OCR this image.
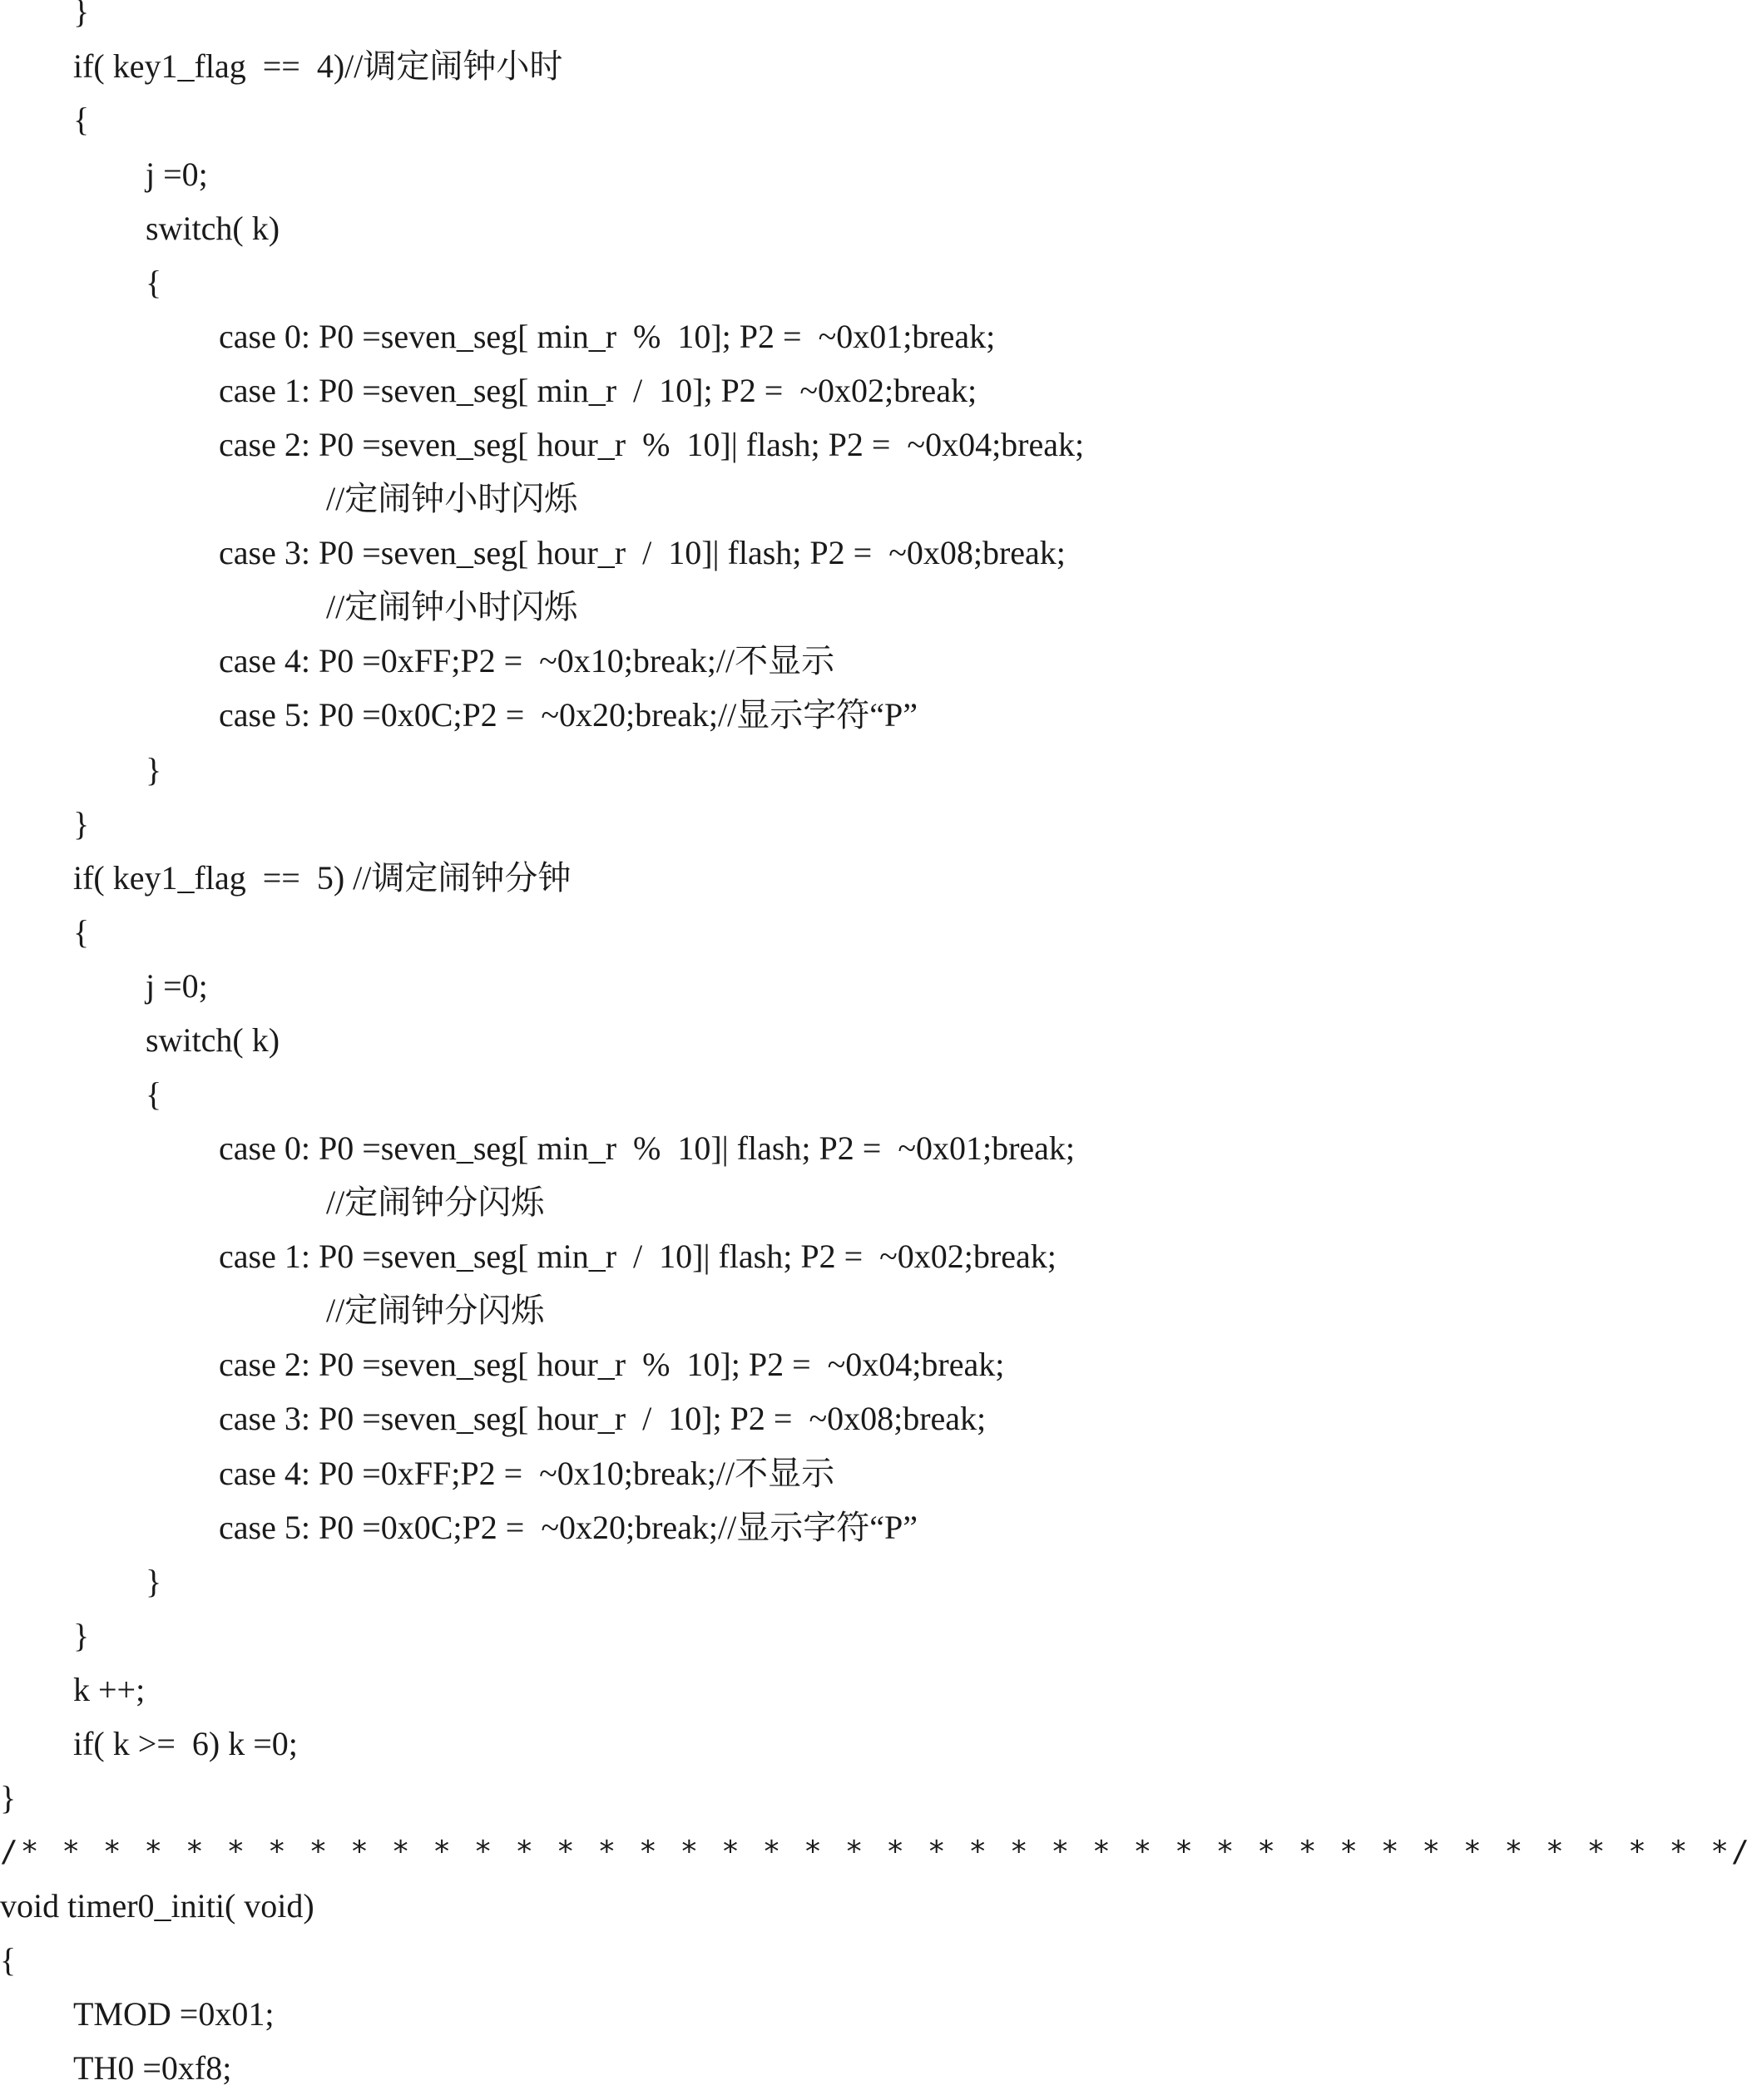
}
if( key1_flag  ==  4)//调定闹钟小时
{
j =0;
switch( k)
{
case 0: P0 =seven_seg[ min_r  %  10]; P2 =  ~0x01;break;
case 1: P0 =seven_seg[ min_r  /  10]; P2 =  ~0x02;break;
case 2: P0 =seven_seg[ hour_r  %  10]| flash; P2 =  ~0x04;break;
//定闹钟小时闪烁
case 3: P0 =seven_seg[ hour_r  /  10]| flash; P2 =  ~0x08;break;
//定闹钟小时闪烁
case 4: P0 =0xFF;P2 =  ~0x10;break;//不显示
case 5: P0 =0x0C;P2 =  ~0x20;break;//显示字符“P”
}
}
if( key1_flag  ==  5) //调定闹钟分钟
{
j =0;
switch( k)
{
case 0: P0 =seven_seg[ min_r  %  10]| flash; P2 =  ~0x01;break;
//定闹钟分闪烁
case 1: P0 =seven_seg[ min_r  /  10]| flash; P2 =  ~0x02;break;
//定闹钟分闪烁
case 2: P0 =seven_seg[ hour_r  %  10]; P2 =  ~0x04;break;
case 3: P0 =seven_seg[ hour_r  /  10]; P2 =  ~0x08;break;
case 4: P0 =0xFF;P2 =  ~0x10;break;//不显示
case 5: P0 =0x0C;P2 =  ~0x20;break;//显示字符“P”
}
}
k ++;
if( k >=  6) k =0;
}
/* * * * * * * * * * * * * * * * * * * * * * * * * * * * * * * * * * * * * * * * * */
void timer0_initi( void)
{
TMOD =0x01;
TH0 =0xf8;
